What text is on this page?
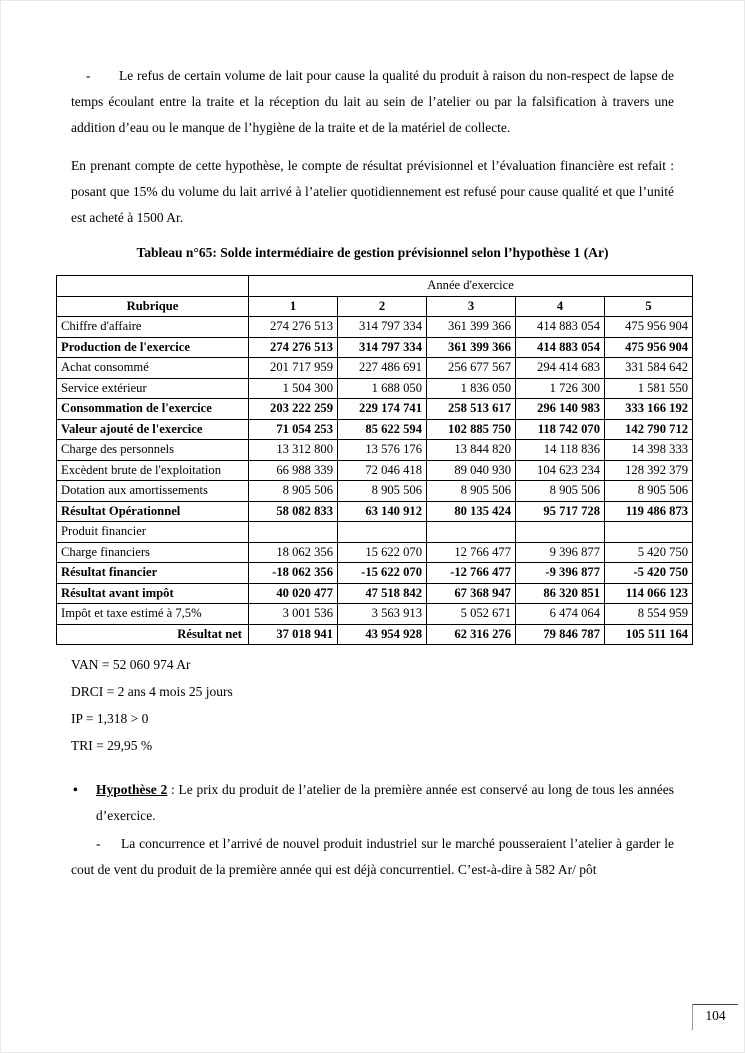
- Le refus de certain volume de lait pour cause la qualité du produit à raison du non-respect de lapse de temps écoulant entre la traite et la réception du lait au sein de l’atelier ou par la falsification à travers une addition d’eau ou le manque de l’hygiène de la traite et de la matériel de collecte.

En prenant compte de cette hypothèse, le compte de résultat prévisionnel et l’évaluation financière est refait : posant que 15% du volume du lait arrivé à l’atelier quotidiennement est refusé pour cause qualité et que l’unité est acheté à 1500 Ar.

Tableau n°65: Solde intermédiaire de gestion prévisionnel selon l’hypothèse 1 (Ar)
	Année d'exercice				
Rubrique	1	2	3	4	5
Chiffre d'affaire	274 276 513	314 797 334	361 399 366	414 883 054	475 956 904
Production de l'exercice	274 276 513	314 797 334	361 399 366	414 883 054	475 956 904
Achat consommé	201 717 959	227 486 691	256 677 567	294 414 683	331 584 642
Service extérieur	1 504 300	1 688 050	1 836 050	1 726 300	1 581 550
Consommation de l'exercice	203 222 259	229 174 741	258 513 617	296 140 983	333 166 192
Valeur ajouté de l'exercice	71 054 253	85 622 594	102 885 750	118 742 070	142 790 712
Charge des personnels	13 312 800	13 576 176	13 844 820	14 118 836	14 398 333
Excèdent brute de l'exploitation	66 988 339	72 046 418	89 040 930	104 623 234	128 392 379
Dotation aux amortissements	8 905 506	8 905 506	8 905 506	8 905 506	8 905 506
Résultat Opérationnel	58 082 833	63 140 912	80 135 424	95 717 728	119 486 873
Produit financier					
Charge financiers	18 062 356	15 622 070	12 766 477	9 396 877	5 420 750
Résultat financier	-18 062 356	-15 622 070	-12 766 477	-9 396 877	-5 420 750
Résultat avant impôt	40 020 477	47 518 842	67 368 947	86 320 851	114 066 123
Impôt et taxe estimé à 7,5%	3 001 536	3 563 913	5 052 671	6 474 064	8 554 959
Résultat net	37 018 941	43 954 928	62 316 276	79 846 787	105 511 164
VAN = 52 060 974 Ar
DRCI = 2 ans 4 mois 25 jours
IP = 1,318 > 0
TRI = 29,95 %

• Hypothèse 2 : Le prix du produit de l’atelier de la première année est conservé au long de tous les années d’exercice.

- La concurrence et l’arrivé de nouvel produit industriel sur le marché pousseraient l’atelier à garder le cout de vent du produit de la première année qui est déjà concurrentiel. C’est-à-dire à 582 Ar/ pôt

104
